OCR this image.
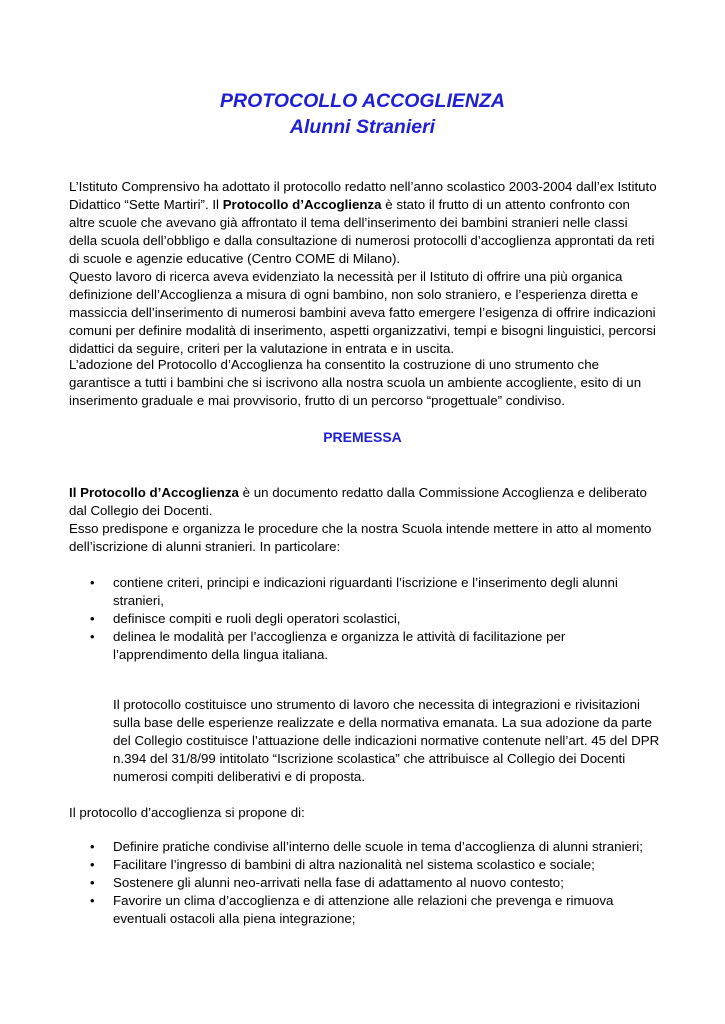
PROTOCOLLO ACCOGLIENZA
Alunni Stranieri

L’Istituto Comprensivo ha adottato il protocollo redatto nell’anno scolastico 2003-2004 dall’ex Istituto Didattico “Sette Martiri”. Il Protocollo d’Accoglienza è stato il frutto di un attento confronto con altre scuole che avevano già affrontato il tema dell’inserimento dei bambini stranieri nelle classi della scuola dell’obbligo e dalla consultazione di numerosi protocolli d’accoglienza approntati da reti di scuole e agenzie educative (Centro COME di Milano).

Questo lavoro di ricerca aveva evidenziato la necessità per il Istituto di offrire una più organica definizione dell’Accoglienza a misura di ogni bambino, non solo straniero, e l’esperienza diretta e massiccia dell’inserimento di numerosi bambini aveva fatto emergere l’esigenza di offrire indicazioni comuni per definire modalità di inserimento, aspetti organizzativi, tempi e bisogni linguistici, percorsi didattici da seguire, criteri per la valutazione in entrata e in uscita.

L’adozione del Protocollo d’Accoglienza ha consentito la costruzione di uno strumento che garantisce a tutti i bambini che si iscrivono alla nostra scuola un ambiente accogliente, esito di un inserimento graduale e mai provvisorio, frutto di un percorso “progettuale” condiviso.

PREMESSA

Il Protocollo d’Accoglienza è un documento redatto dalla Commissione Accoglienza e deliberato dal Collegio dei Docenti.

Esso predispone e organizza le procedure che la nostra Scuola intende mettere in atto al momento dell’iscrizione di alunni stranieri. In particolare:

• contiene criteri, principi e indicazioni riguardanti l’iscrizione e l’inserimento degli alunni stranieri,
• definisce compiti e ruoli degli operatori scolastici,
• delinea le modalità per l’accoglienza e organizza le attività di facilitazione per l’apprendimento della lingua italiana.

Il protocollo costituisce uno strumento di lavoro che necessita di integrazioni e rivisitazioni sulla base delle esperienze realizzate e della normativa emanata. La sua adozione da parte del Collegio costituisce l’attuazione delle indicazioni normative contenute nell’art. 45 del DPR n.394 del 31/8/99 intitolato “Iscrizione scolastica” che attribuisce al Collegio dei Docenti numerosi compiti deliberativi e di proposta.

Il protocollo d’accoglienza si propone di:

• Definire pratiche condivise all’interno delle scuole in tema d’accoglienza di alunni stranieri;
• Facilitare l’ingresso di bambini di altra nazionalità nel sistema scolastico e sociale;
• Sostenere gli alunni neo-arrivati nella fase di adattamento al nuovo contesto;
• Favorire un clima d’accoglienza e di attenzione alle relazioni che prevenga e rimuova eventuali ostacoli alla piena integrazione;
